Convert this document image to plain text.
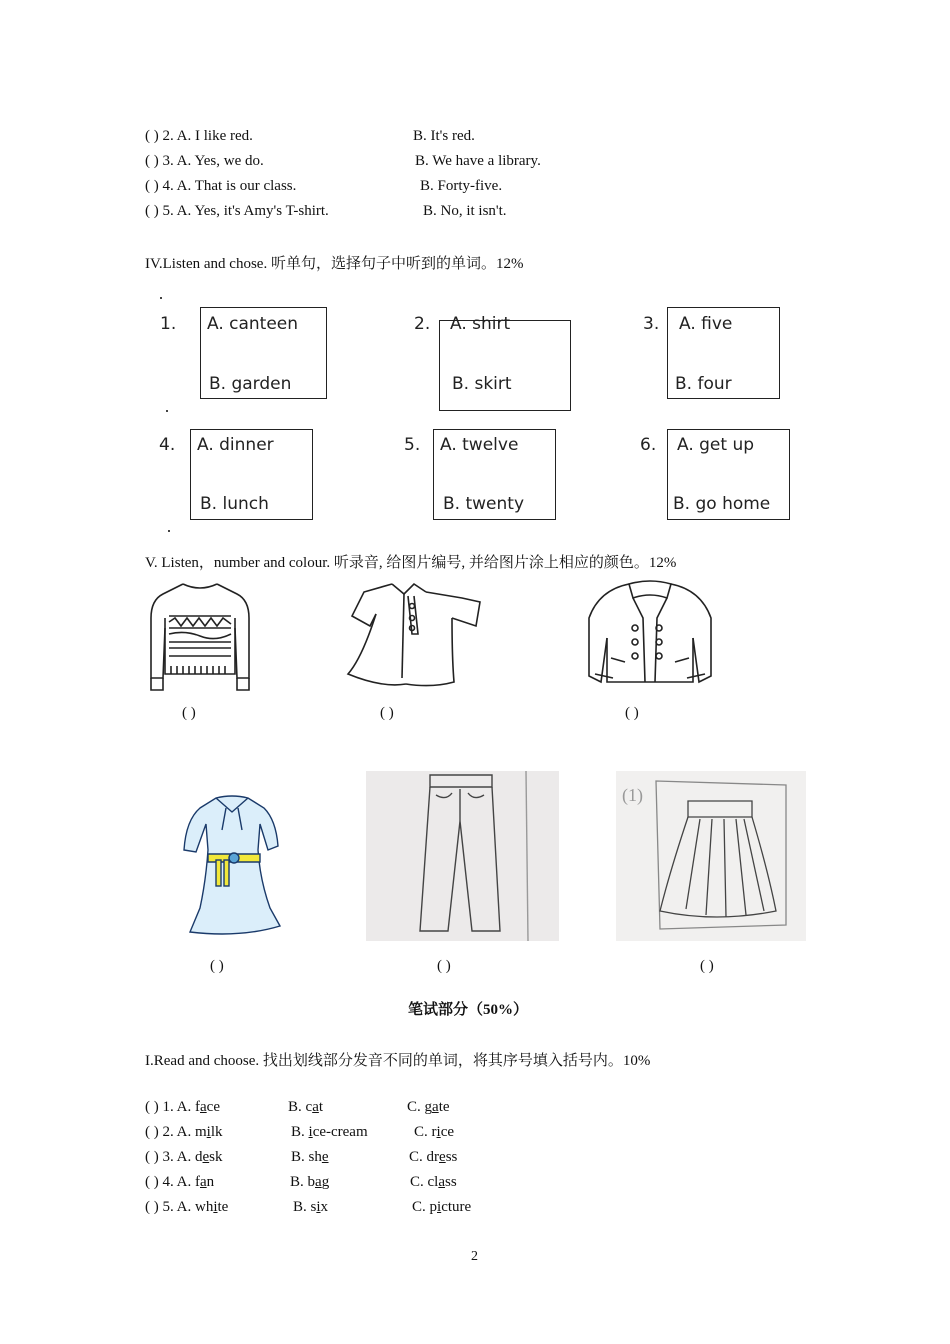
( ) 2. A. I like red.	B. It's red.
( ) 3. A. Yes, we do.	B. We have a library.
( ) 4. A. That is our class.	B. Forty-five.
( ) 5. A. Yes, it's Amy's T-shirt.	B. No, it isn't.
IV.Listen and chose. 听单句，选择句子中听到的单词。12%
1. A. canteen
B. garden
2. A. shirt
B. skirt
3. A. five
B. four
4. A. dinner
B. lunch
5. A. twelve
B. twenty
6. A. get up
B. go home
V. Listen，number and colour. 听录音, 给图片编号, 并给图片涂上相应的颜色。12%
( )	( )	( )
( )	( )
(1)
( )
笔试部分（50%）
I.Read and choose. 找出划线部分发音不同的单词，将其序号填入括号内。10%
( ) 1. A. face	B. cat	C. gate
( ) 2. A. milk	B. ice-cream	C. rice
( ) 3. A. desk	B. she	C. dress
( ) 4. A. fan	B. bag	C. class
( ) 5. A. white	B. six	C. picture
2
